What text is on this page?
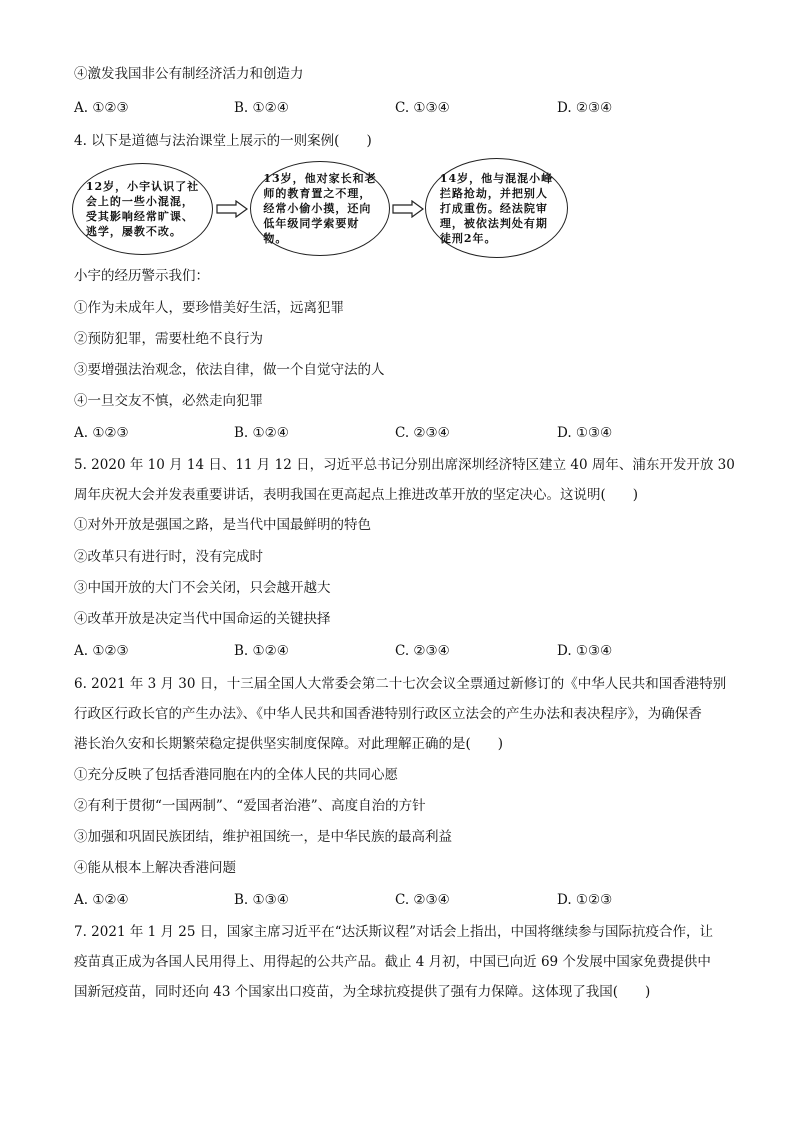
④激发我国非公有制经济活力和创造力
A. ①②③	B. ①②④	C. ①③④	D. ②③④
4. 以下是道德与法治课堂上展示的一则案例(　　)
12岁，小宇认识了社
会上的一些小混混，
受其影响经常旷课、
逃学，屡教不改。
13岁，他对家长和老
师的教育置之不理，
经常小偷小摸，还向
低年级同学索要财
物。
14岁，他与混混小峰
拦路抢劫，并把别人
打成重伤。经法院审
理，被依法判处有期
徒刑2年。
小宇的经历警示我们：
①作为未成年人，要珍惜美好生活，远离犯罪
②预防犯罪，需要杜绝不良行为
③要增强法治观念，依法自律，做一个自觉守法的人
④一旦交友不慎，必然走向犯罪
A. ①②③	B. ①②④	C. ②③④	D. ①③④
5. 2020 年 10 月 14 日、11 月 12 日，习近平总书记分别出席深圳经济特区建立 40 周年、浦东开发开放 30
周年庆祝大会并发表重要讲话，表明我国在更高起点上推进改革开放的坚定决心。这说明(　　)
①对外开放是强国之路，是当代中国最鲜明的特色
②改革只有进行时，没有完成时
③中国开放的大门不会关闭，只会越开越大
④改革开放是决定当代中国命运的关键抉择
A. ①②③	B. ①②④	C. ②③④	D. ①③④
6. 2021 年 3 月 30 日，十三届全国人大常委会第二十七次会议全票通过新修订的《中华人民共和国香港特别
行政区行政长官的产生办法》、《中华人民共和国香港特别行政区立法会的产生办法和表决程序》，为确保香
港长治久安和长期繁荣稳定提供坚实制度保障。对此理解正确的是(　　)
①充分反映了包括香港同胞在内的全体人民的共同心愿
②有利于贯彻“一国两制”、“爱国者治港”、高度自治的方针
③加强和巩固民族团结，维护祖国统一，是中华民族的最高利益
④能从根本上解决香港问题
A. ①②④	B. ①③④	C. ②③④	D. ①②③
7. 2021 年 1 月 25 日，国家主席习近平在“达沃斯议程”对话会上指出，中国将继续参与国际抗疫合作，让
疫苗真正成为各国人民用得上、用得起的公共产品。截止 4 月初，中国已向近 69 个发展中国家免费提供中
国新冠疫苗，同时还向 43 个国家出口疫苗，为全球抗疫提供了强有力保障。这体现了我国(　　)
